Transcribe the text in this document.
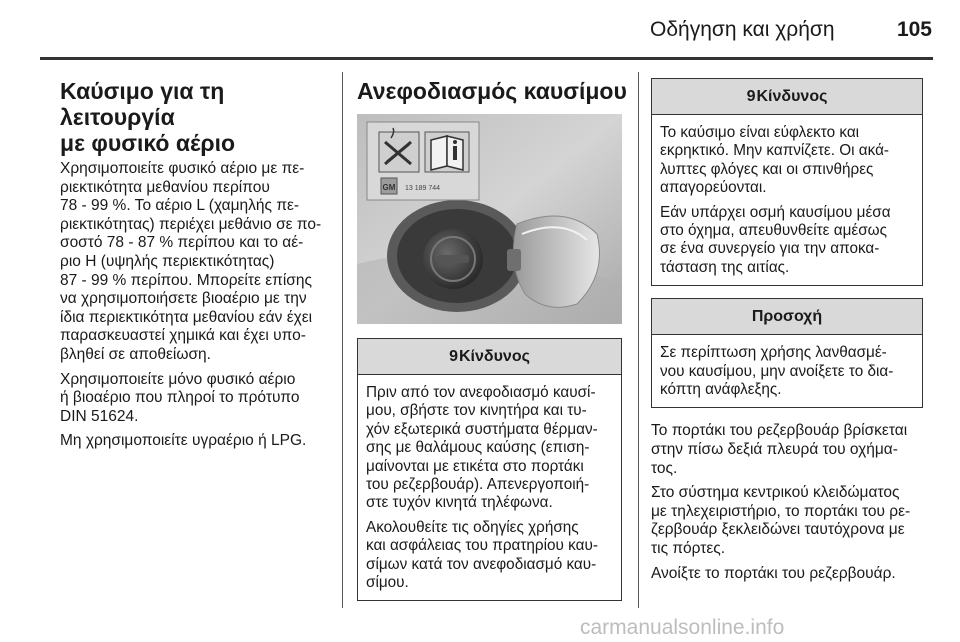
Οδήγηση και χρήση	105
Καύσιμο για τη λειτουργία
με φυσικό αέριο
Χρησιμοποιείτε φυσικό αέριο με πε-
ριεκτικότητα μεθανίου περίπου
78 - 99 %. Το αέριο L (χαμηλής πε-
ριεκτικότητας) περιέχει μεθάνιο σε πο-
σοστό 78 - 87 % περίπου και το αέ-
ριο H (υψηλής περιεκτικότητας)
87 - 99 % περίπου. Μπορείτε επίσης
να χρησιμοποιήσετε βιοαέριο με την
ίδια περιεκτικότητα μεθανίου εάν έχει
παρασκευαστεί χημικά και έχει υπο-
βληθεί σε αποθείωση.
Χρησιμοποιείτε μόνο φυσικό αέριο
ή βιοαέριο που πληροί το πρότυπο
DIN 51624.
Μη χρησιμοποιείτε υγραέριο ή LPG.
Ανεφοδιασμός καυσίμου
GM 13 189 744
9 Κίνδυνος
Πριν από τον ανεφοδιασμό καυσί-
μου, σβήστε τον κινητήρα και τυ-
χόν εξωτερικά συστήματα θέρμαν-
σης με θαλάμους καύσης (επιση-
μαίνονται με ετικέτα στο πορτάκι
του ρεζερβουάρ). Απενεργοποιή-
στε τυχόν κινητά τηλέφωνα.
Ακολουθείτε τις οδηγίες χρήσης
και ασφάλειας του πρατηρίου καυ-
σίμων κατά τον ανεφοδιασμό καυ-
σίμου.
9 Κίνδυνος
Το καύσιμο είναι εύφλεκτο και
εκρηκτικό. Μην καπνίζετε. Οι ακά-
λυπτες φλόγες και οι σπινθήρες
απαγορεύονται.
Εάν υπάρχει οσμή καυσίμου μέσα
στο όχημα, απευθυνθείτε αμέσως
σε ένα συνεργείο για την αποκα-
τάσταση της αιτίας.
Προσοχή
Σε περίπτωση χρήσης λανθασμέ-
νου καυσίμου, μην ανοίξετε το δια-
κόπτη ανάφλεξης.
Το πορτάκι του ρεζερβουάρ βρίσκεται
στην πίσω δεξιά πλευρά του οχήμα-
τος.
Στο σύστημα κεντρικού κλειδώματος
με τηλεχειριστήριο, το πορτάκι του ρε-
ζερβουάρ ξεκλειδώνει ταυτόχρονα με
τις πόρτες.
Ανοίξτε το πορτάκι του ρεζερβουάρ.
carmanualsonline.info
